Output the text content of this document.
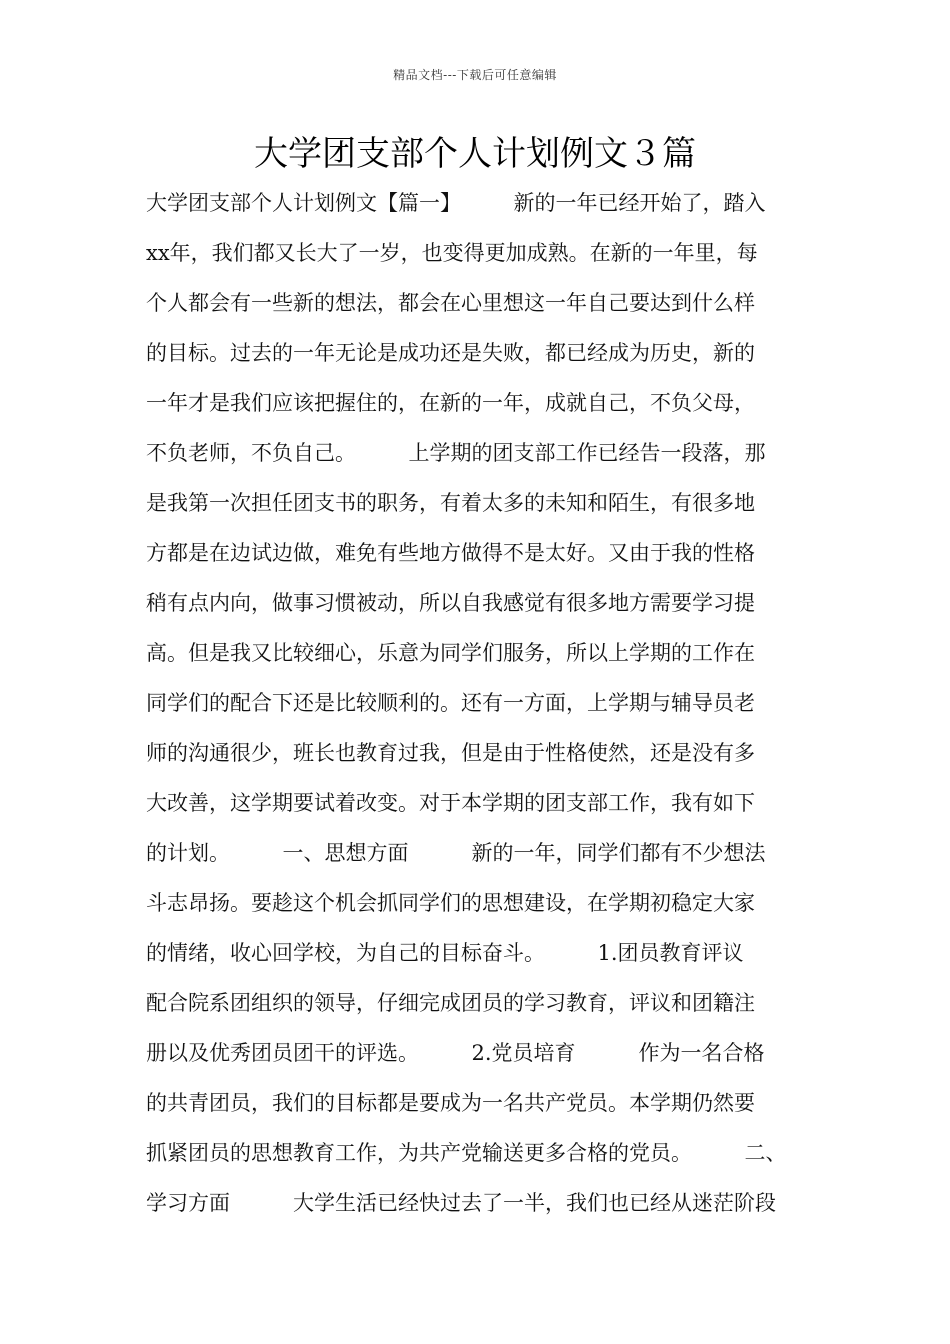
精品文档---下载后可任意编辑
大学团支部个人计划例文３篇
大学团支部个人计划例文【篇一】　　　新的一年已经开始了，踏入
xx年，我们都又长大了一岁，也变得更加成熟。在新的一年里，每
个人都会有一些新的想法，都会在心里想这一年自己要达到什么样
的目标。过去的一年无论是成功还是失败，都已经成为历史，新的
一年才是我们应该把握住的，在新的一年，成就自己，不负父母，
不负老师，不负自己。　　　上学期的团支部工作已经告一段落，那
是我第一次担任团支书的职务，有着太多的未知和陌生，有很多地
方都是在边试边做，难免有些地方做得不是太好。又由于我的性格
稍有点内向，做事习惯被动，所以自我感觉有很多地方需要学习提
高。但是我又比较细心，乐意为同学们服务，所以上学期的工作在
同学们的配合下还是比较顺利的。还有一方面，上学期与辅导员老
师的沟通很少，班长也教育过我，但是由于性格使然，还是没有多
大改善，这学期要试着改变。对于本学期的团支部工作，我有如下
的计划。　　　一、思想方面　　　新的一年，同学们都有不少想法
斗志昂扬。要趁这个机会抓同学们的思想建设，在学期初稳定大家
的情绪，收心回学校，为自己的目标奋斗。　　　1.团员教育评议
配合院系团组织的领导，仔细完成团员的学习教育，评议和团籍注
册以及优秀团员团干的评选。　　　2.党员培育　　　作为一名合格
的共青团员，我们的目标都是要成为一名共产党员。本学期仍然要
抓紧团员的思想教育工作，为共产党输送更多合格的党员。　　　二、
学习方面　　　大学生活已经快过去了一半，我们也已经从迷茫阶段
